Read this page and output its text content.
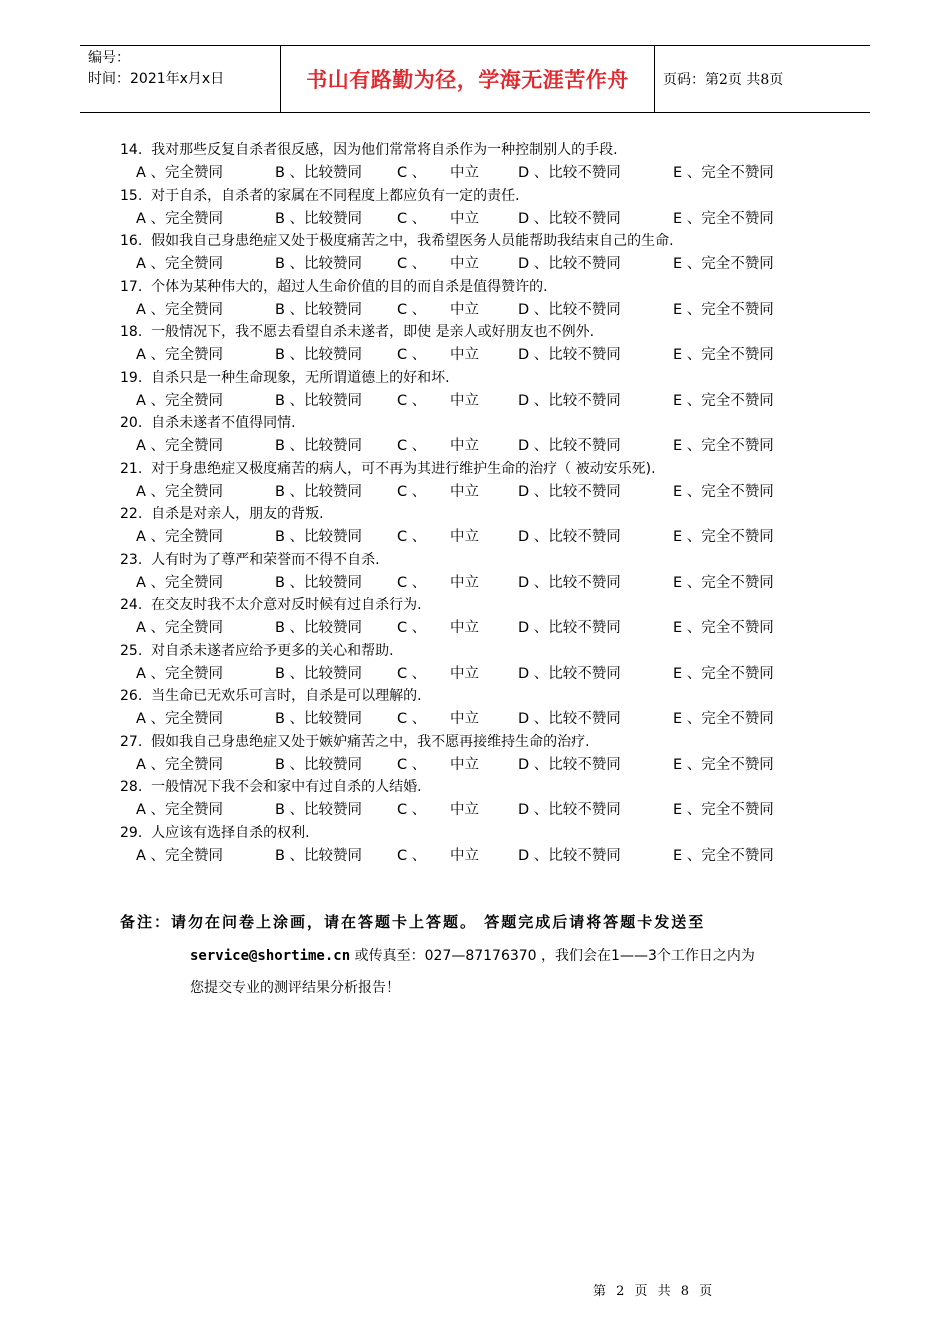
编号：
时间：2021年x月x日	书山有路勤为径，学海无涯苦作舟 页码：第2页 共8页
14. 我对那些反复自杀者很反感，因为他们常常将自杀作为一种控制别人的手段.
A 、完全赞同	B 、比较赞同 C 、 中立	D 、比较不赞同	E 、完全不赞同
15. 对于自杀，自杀者的家属在不同程度上都应负有一定的责任.
A 、完全赞同	B 、比较赞同 C 、 中立	D 、比较不赞同	E 、完全不赞同
16. 假如我自己身患绝症又处于极度痛苦之中，我希望医务人员能帮助我结束自己的生命.
A 、完全赞同	B 、比较赞同 C 、 中立	D 、比较不赞同	E 、完全不赞同
17. 个体为某种伟大的，超过人生命价值的目的而自杀是值得赞许的.
A 、完全赞同	B 、比较赞同 C 、 中立	D 、比较不赞同	E 、完全不赞同
18. 一般情况下，我不愿去看望自杀未遂者，即使 是亲人或好朋友也不例外.
A 、完全赞同	B 、比较赞同 C 、 中立	D 、比较不赞同	E 、完全不赞同
19. 自杀只是一种生命现象，无所谓道德上的好和坏.
A 、完全赞同	B 、比较赞同 C 、 中立	D 、比较不赞同	E 、完全不赞同
20. 自杀未遂者不值得同情.
A 、完全赞同	B 、比较赞同 C 、 中立	D 、比较不赞同	E 、完全不赞同
21. 对于身患绝症又极度痛苦的病人，可不再为其进行维护生命的治疗（ 被动安乐死).
A 、完全赞同	B 、比较赞同 C 、 中立	D 、比较不赞同	E 、完全不赞同
22. 自杀是对亲人，朋友的背叛.
A 、完全赞同	B 、比较赞同 C 、 中立	D 、比较不赞同	E 、完全不赞同
23. 人有时为了尊严和荣誉而不得不自杀.
A 、完全赞同	B 、比较赞同 C 、 中立	D 、比较不赞同	E 、完全不赞同
24. 在交友时我不太介意对反时候有过自杀行为.
A 、完全赞同	B 、比较赞同 C 、 中立	D 、比较不赞同	E 、完全不赞同
25. 对自杀未遂者应给予更多的关心和帮助.
A 、完全赞同	B 、比较赞同 C 、 中立	D 、比较不赞同	E 、完全不赞同
26. 当生命已无欢乐可言时，自杀是可以理解的.
A 、完全赞同	B 、比较赞同 C 、 中立	D 、比较不赞同	E 、完全不赞同
27. 假如我自己身患绝症又处于嫉妒痛苦之中，我不愿再接维持生命的治疗.
A 、完全赞同	B 、比较赞同 C 、 中立	D 、比较不赞同	E 、完全不赞同
28. 一般情况下我不会和家中有过自杀的人结婚.
A 、完全赞同	B 、比较赞同 C 、 中立	D 、比较不赞同	E 、完全不赞同
29. 人应该有选择自杀的权利.
A 、完全赞同	B 、比较赞同 C 、 中立	D 、比较不赞同	E 、完全不赞同
备注：请勿在问卷上涂画，请在答题卡上答题。 答题完成后请将答题卡发送至
service@shortime.cn 或传真至：027—87176370 ，我们会在1——3个工作日之内为
您提交专业的测评结果分析报告！
第 2 页 共 8 页
